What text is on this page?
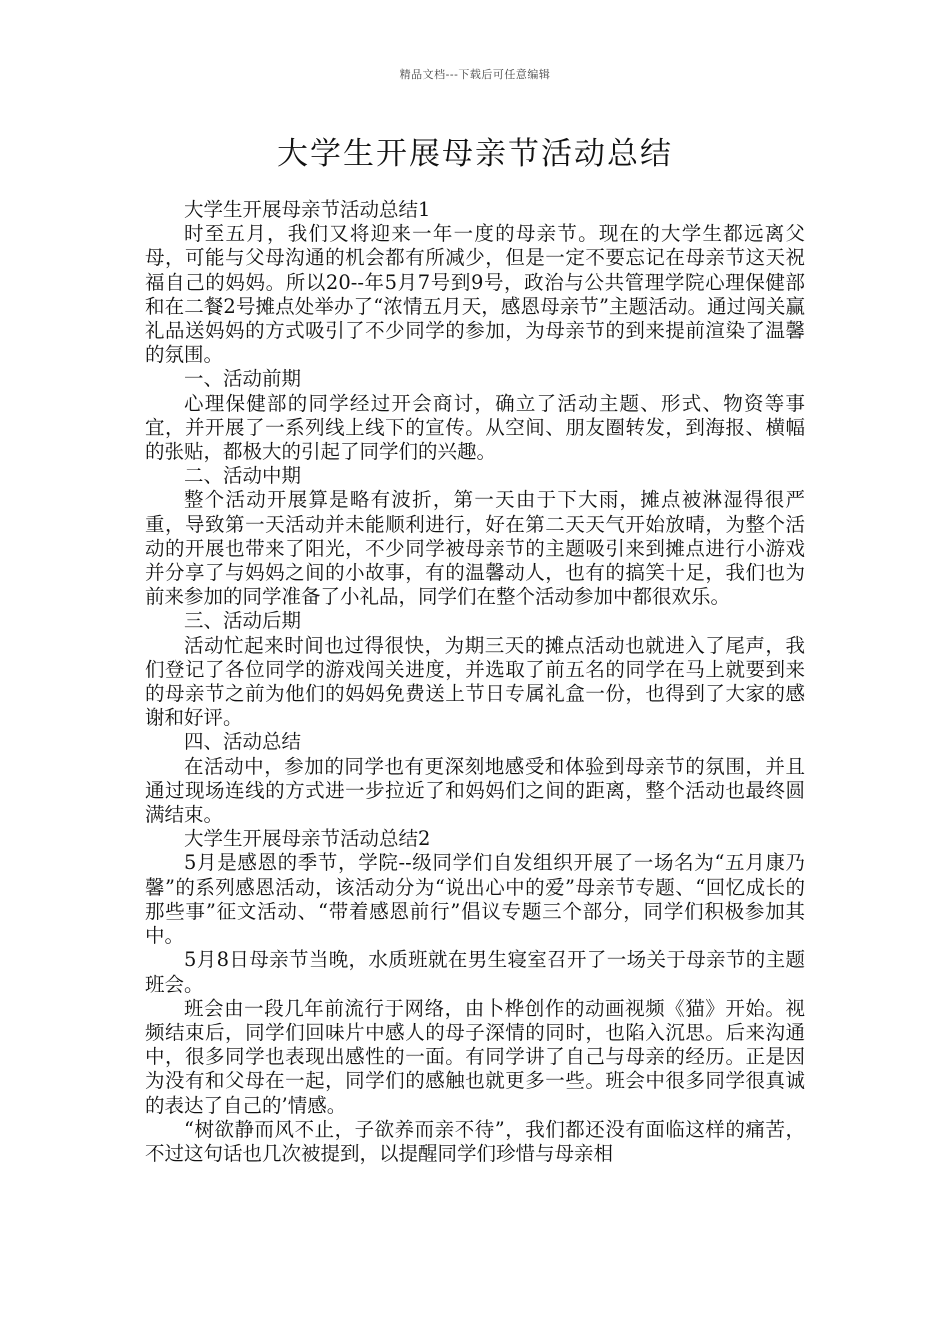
精品文档---下载后可任意编辑
大学生开展母亲节活动总结

大学生开展母亲节活动总结1

时至五月，我们又将迎来一年一度的母亲节。现在的大学生都远离父母，可能与父母沟通的机会都有所减少，但是一定不要忘记在母亲节这天祝福自己的妈妈。所以20--年5月7号到9号，政治与公共管理学院心理保健部和在二餐2号摊点处举办了“浓情五月天，感恩母亲节”主题活动。通过闯关赢礼品送妈妈的方式吸引了不少同学的参加，为母亲节的到来提前渲染了温馨的氛围。

一、活动前期

心理保健部的同学经过开会商讨，确立了活动主题、形式、物资等事宜，并开展了一系列线上线下的宣传。从空间、朋友圈转发，到海报、横幅的张贴，都极大的引起了同学们的兴趣。

二、活动中期

整个活动开展算是略有波折，第一天由于下大雨，摊点被淋湿得很严重，导致第一天活动并未能顺利进行，好在第二天天气开始放晴，为整个活动的开展也带来了阳光，不少同学被母亲节的主题吸引来到摊点进行小游戏并分享了与妈妈之间的小故事，有的温馨动人，也有的搞笑十足，我们也为前来参加的同学准备了小礼品，同学们在整个活动参加中都很欢乐。

三、活动后期

活动忙起来时间也过得很快，为期三天的摊点活动也就进入了尾声，我们登记了各位同学的游戏闯关进度，并选取了前五名的同学在马上就要到来的母亲节之前为他们的妈妈免费送上节日专属礼盒一份，也得到了大家的感谢和好评。

四、活动总结

在活动中，参加的同学也有更深刻地感受和体验到母亲节的氛围，并且通过现场连线的方式进一步拉近了和妈妈们之间的距离，整个活动也最终圆满结束。

大学生开展母亲节活动总结2

5月是感恩的季节，学院--级同学们自发组织开展了一场名为“五月康乃馨”的系列感恩活动，该活动分为“说出心中的爱”母亲节专题、“回忆成长的那些事”征文活动、“带着感恩前行”倡议专题三个部分，同学们积极参加其中。

5月8日母亲节当晚，水质班就在男生寝室召开了一场关于母亲节的主题班会。

班会由一段几年前流行于网络，由卜桦创作的动画视频《猫》开始。视频结束后，同学们回味片中感人的母子深情的同时，也陷入沉思。后来沟通中，很多同学也表现出感性的一面。有同学讲了自己与母亲的经历。正是因为没有和父母在一起，同学们的感触也就更多一些。班会中很多同学很真诚的表达了自己的’情感。

“树欲静而风不止，子欲养而亲不待”，我们都还没有面临这样的痛苦，不过这句话也几次被提到，以提醒同学们珍惜与母亲相
